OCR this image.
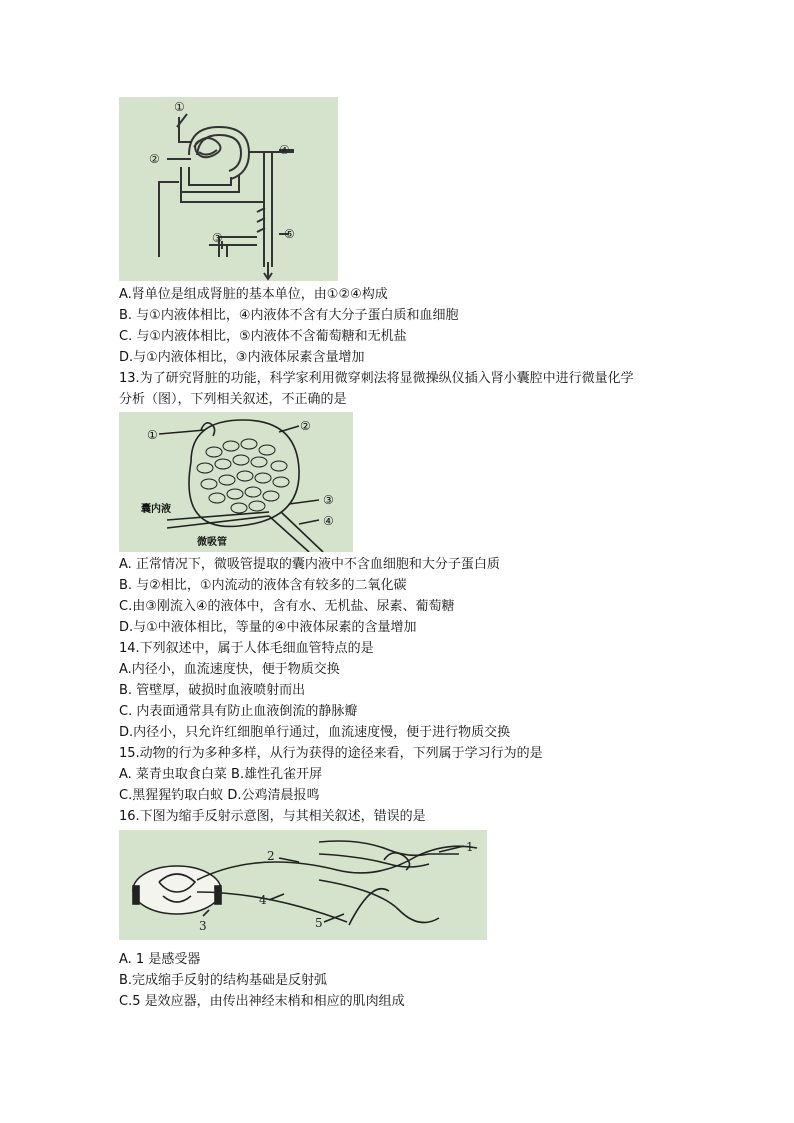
①
②
④
③	⑤
A.肾单位是组成肾脏的基本单位，由①②④构成
B. 与①内液体相比，④内液体不含有大分子蛋白质和血细胞
C. 与①内液体相比，⑤内液体不含葡萄糖和无机盐
D.与①内液体相比，③内液体尿素含量增加
13.为了研究肾脏的功能，科学家利用微穿刺法将显微操纵仪插入肾小囊腔中进行微量化学
分析（图），下列相关叙述，不正确的是
①
②
③
④
囊内液
微吸管
A. 正常情况下，微吸管提取的囊内液中不含血细胞和大分子蛋白质
B. 与②相比，①内流动的液体含有较多的二氧化碳
C.由③刚流入④的液体中，含有水、无机盐、尿素、葡萄糖
D.与①中液体相比，等量的④中液体尿素的含量增加
14.下列叙述中，属于人体毛细血管特点的是
A.内径小，血流速度快，便于物质交换
B. 管壁厚，破损时血液喷射而出
C. 内表面通常具有防止血液倒流的静脉瓣
D.内径小，只允许红细胞单行通过，血流速度慢，便于进行物质交换
15.动物的行为多种多样，从行为获得的途径来看，下列属于学习行为的是
A. 菜青虫取食白菜 B.雄性孔雀开屏
C.黑猩猩钓取白蚁 D.公鸡清晨报鸣
16.下图为缩手反射示意图，与其相关叙述，错误的是
1
2
3
4
5
A. 1 是感受器
B.完成缩手反射的结构基础是反射弧
C.5 是效应器，由传出神经末梢和相应的肌肉组成
